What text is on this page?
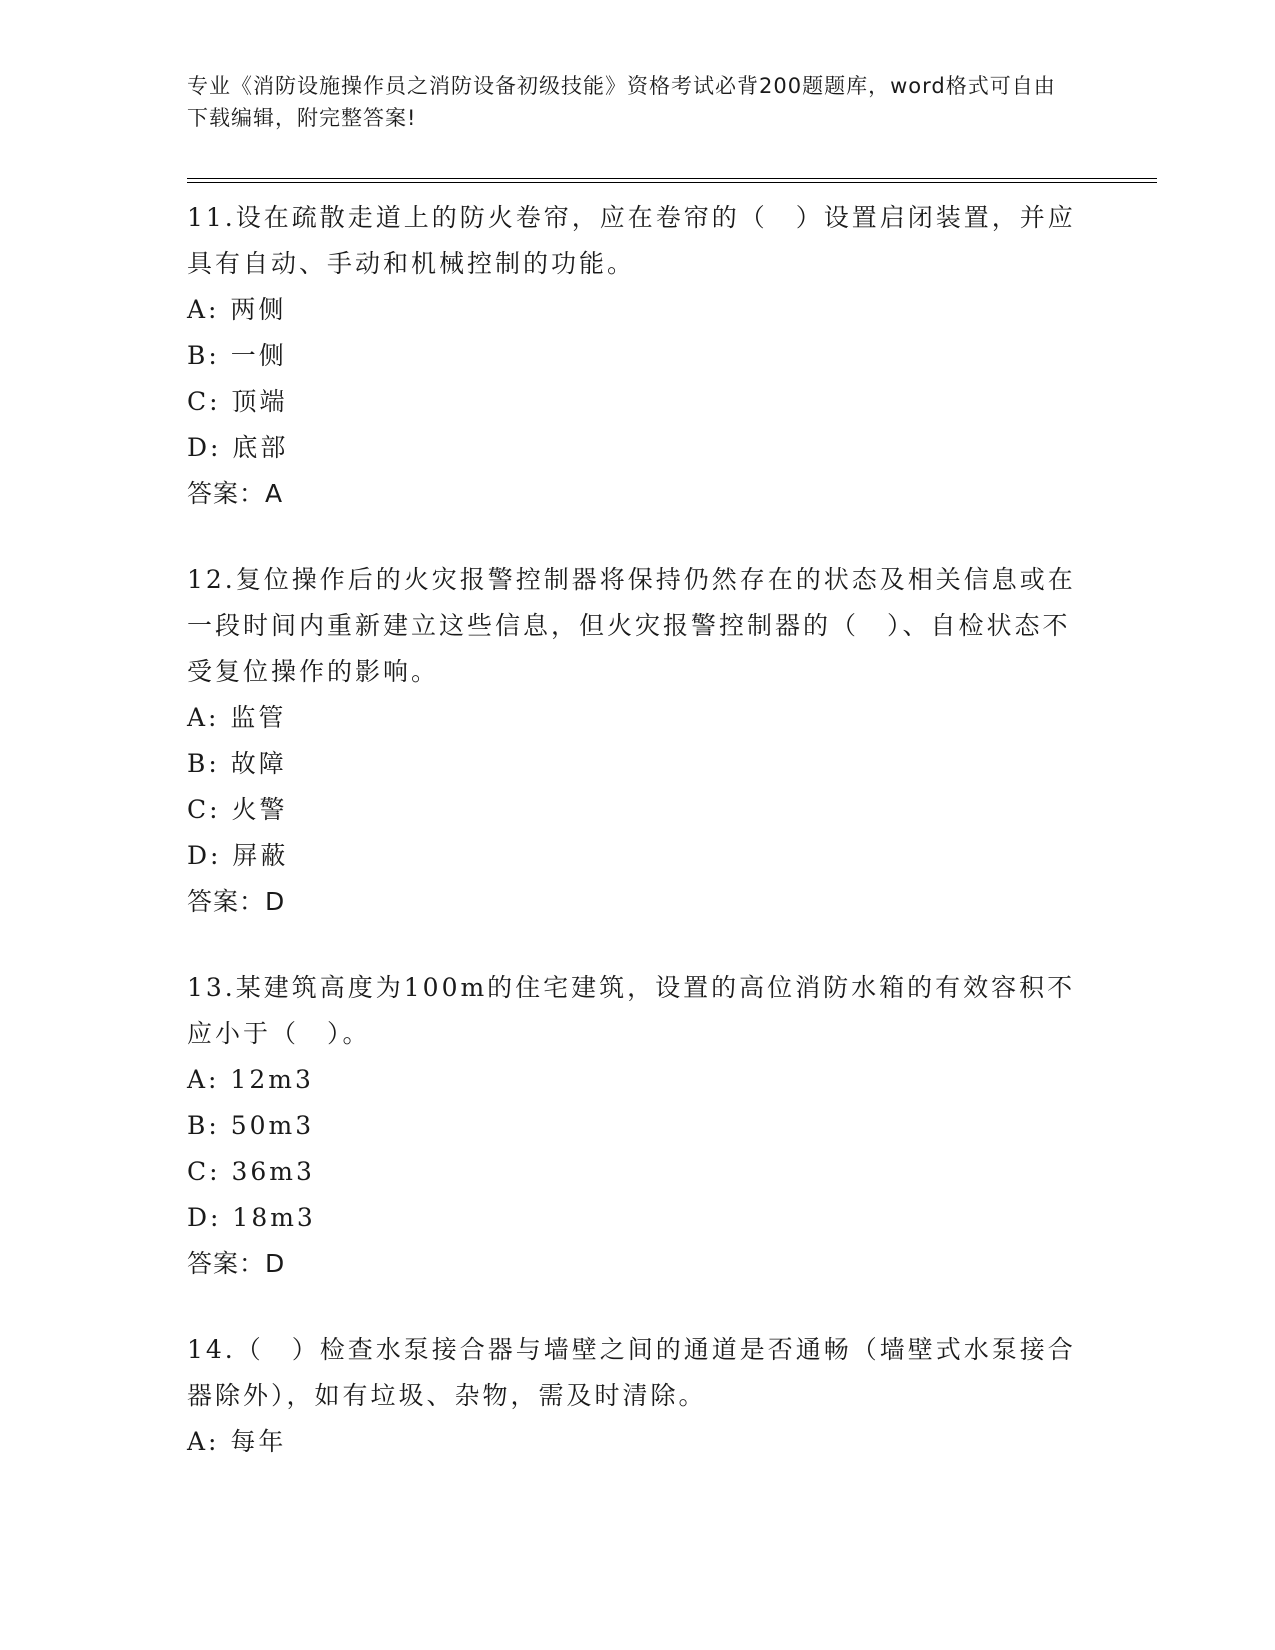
专业《消防设施操作员之消防设备初级技能》资格考试必背200题题库，word格式可自由下载编辑，附完整答案!

11.设在疏散走道上的防火卷帘，应在卷帘的（　）设置启闭装置，并应具有自动、手动和机械控制的功能。

A: 两侧

B: 一侧

C: 顶端

D: 底部

答案：A

12.复位操作后的火灾报警控制器将保持仍然存在的状态及相关信息或在一段时间内重新建立这些信息，但火灾报警控制器的（　）、自检状态不受复位操作的影响。

A: 监管

B: 故障

C: 火警

D: 屏蔽

答案：D

13.某建筑高度为100m的住宅建筑，设置的高位消防水箱的有效容积不应小于（　）。

A: 12m3

B: 50m3

C: 36m3

D: 18m3

答案：D

14.（　）检查水泵接合器与墙壁之间的通道是否通畅（墙壁式水泵接合器除外），如有垃圾、杂物，需及时清除。

A: 每年
